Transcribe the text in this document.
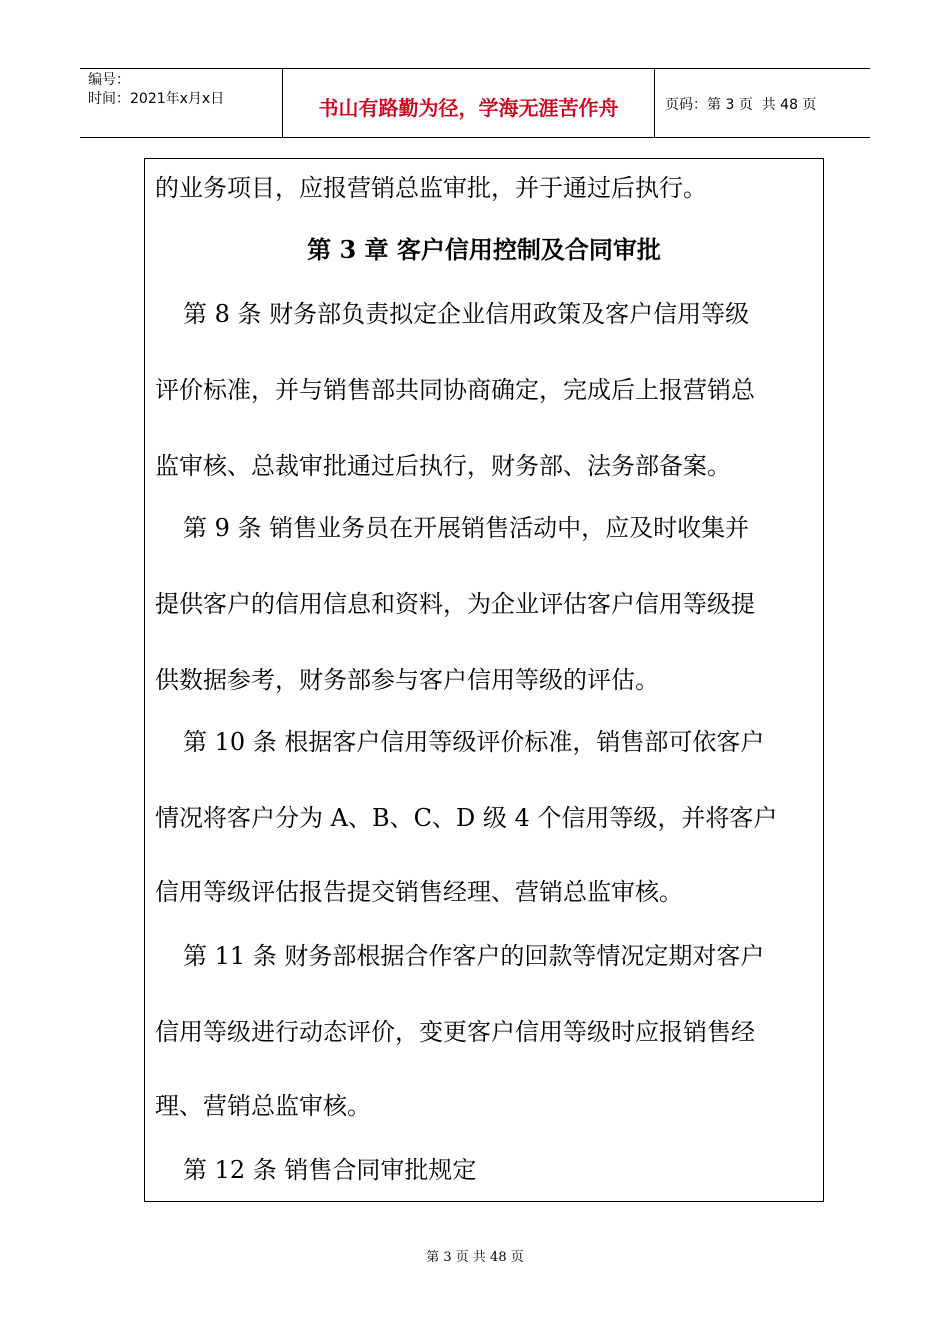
编号：
时间：2021年x月x日	书山有路勤为径，学海无涯苦作舟	页码：第 3 页  共 48 页
的业务项目，应报营销总监审批，并于通过后执行。
第 3 章 客户信用控制及合同审批
第 8 条 财务部负责拟定企业信用政策及客户信用等级
评价标准，并与销售部共同协商确定，完成后上报营销总
监审核、总裁审批通过后执行，财务部、法务部备案。
第 9 条 销售业务员在开展销售活动中，应及时收集并
提供客户的信用信息和资料，为企业评估客户信用等级提
供数据参考，财务部参与客户信用等级的评估。
第 10 条 根据客户信用等级评价标准，销售部可依客户
情况将客户分为 A、B、C、D 级 4 个信用等级，并将客户
信用等级评估报告提交销售经理、营销总监审核。
第 11 条 财务部根据合作客户的回款等情况定期对客户
信用等级进行动态评价，变更客户信用等级时应报销售经
理、营销总监审核。
第 12 条 销售合同审批规定
第 3 页 共 48 页
